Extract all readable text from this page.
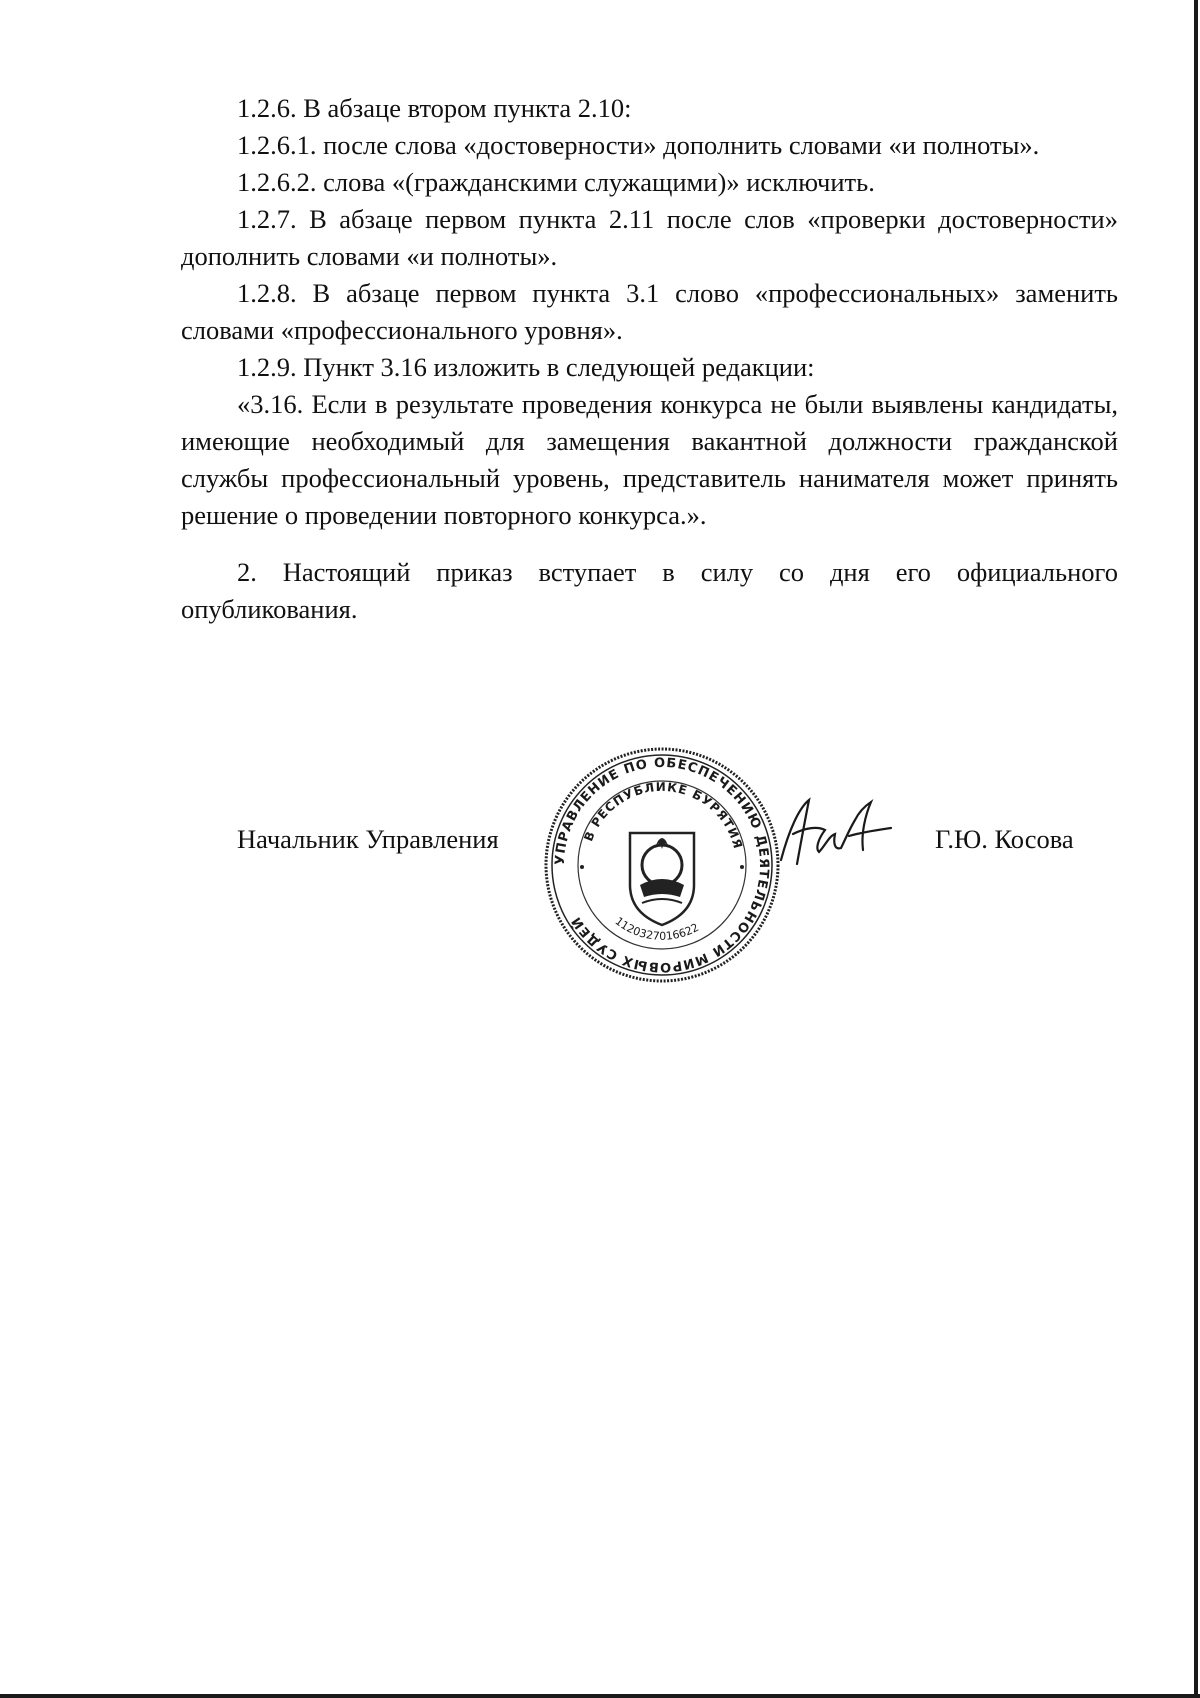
1.2.6. В абзаце втором пункта 2.10:

1.2.6.1. после слова «достоверности» дополнить словами «и полноты».

1.2.6.2. слова «(гражданскими служащими)» исключить.

1.2.7. В абзаце первом пункта 2.11 после слов «проверки достоверности» дополнить словами «и полноты».

1.2.8. В абзаце первом пункта 3.1 слово «профессиональных» заменить словами «профессионального уровня».

1.2.9. Пункт 3.16 изложить в следующей редакции:

«3.16. Если в результате проведения конкурса не были выявлены кандидаты, имеющие необходимый для замещения вакантной должности гражданской службы профессиональный уровень, представитель нанимателя может принять решение о проведении повторного конкурса.».

2. Настоящий приказ вступает в силу со дня его официального опубликования.

Начальник Управления
УПРАВЛЕНИЕ ПО ОБЕСПЕЧЕНИЮ ДЕЯТЕЛЬНОСТИ МИРОВЫХ СУДЕЙ
В РЕСПУБЛИКЕ БУРЯТИЯ
1120327016622
Г.Ю. Косова
